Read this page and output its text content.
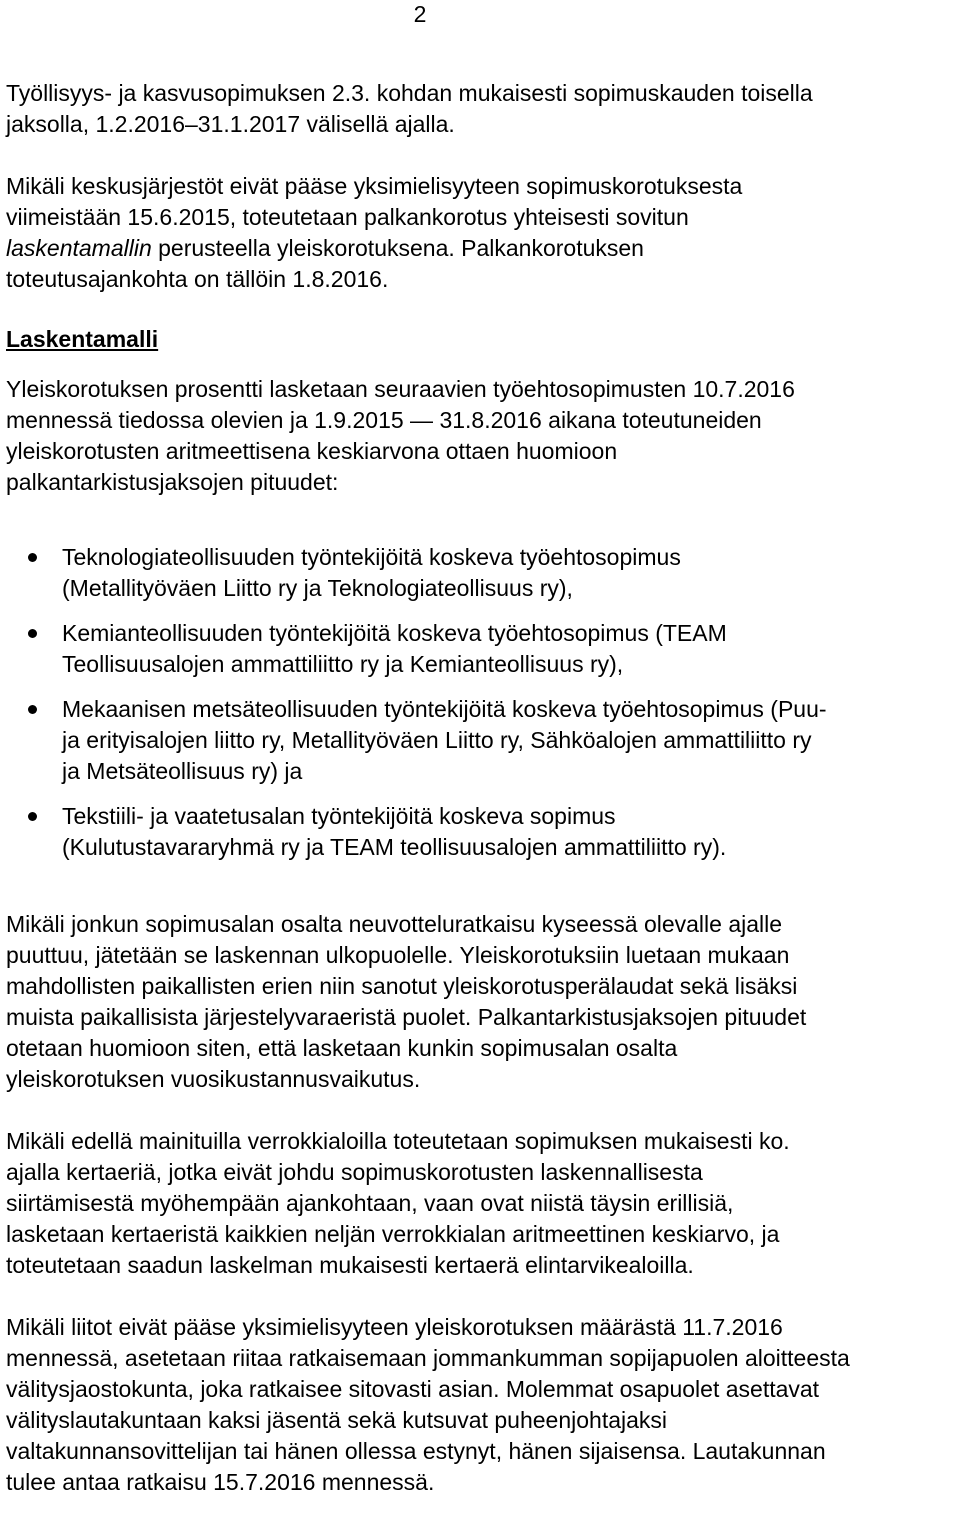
2

Työllisyys- ja kasvusopimuksen 2.3. kohdan mukaisesti sopimuskauden toisella
jaksolla, 1.2.2016–31.1.2017 välisellä ajalla.

Mikäli keskusjärjestöt eivät pääse yksimielisyyteen sopimuskorotuksesta
viimeistään 15.6.2015, toteutetaan palkankorotus yhteisesti sovitun
laskentamallin perusteella yleiskorotuksena. Palkankorotuksen
toteutusajankohta on tällöin 1.8.2016.

Laskentamalli

Yleiskorotuksen prosentti lasketaan seuraavien työehtosopimusten 10.7.2016
mennessä tiedossa olevien ja 1.9.2015 — 31.8.2016 aikana toteutuneiden
yleiskorotusten aritmeettisena keskiarvona ottaen huomioon
palkantarkistusjaksojen pituudet:

Teknologiateollisuuden työntekijöitä koskeva työehtosopimus
(Metallityöväen Liitto ry ja Teknologiateollisuus ry),

Kemianteollisuuden työntekijöitä koskeva työehtosopimus (TEAM
Teollisuusalojen ammattiliitto ry ja Kemianteollisuus ry),

Mekaanisen metsäteollisuuden työntekijöitä koskeva työehtosopimus (Puu-
ja erityisalojen liitto ry, Metallityöväen Liitto ry, Sähköalojen ammattiliitto ry
ja Metsäteollisuus ry) ja

Tekstiili- ja vaatetusalan työntekijöitä koskeva sopimus
(Kulutustavararyhmä ry ja TEAM teollisuusalojen ammattiliitto ry).

Mikäli jonkun sopimusalan osalta neuvotteluratkaisu kyseessä olevalle ajalle
puuttuu, jätetään se laskennan ulkopuolelle. Yleiskorotuksiin luetaan mukaan
mahdollisten paikallisten erien niin sanotut yleiskorotusperälaudat sekä lisäksi
muista paikallisista järjestelyvaraeristä puolet. Palkantarkistusjaksojen pituudet
otetaan huomioon siten, että lasketaan kunkin sopimusalan osalta
yleiskorotuksen vuosikustannusvaikutus.

Mikäli edellä mainituilla verrokkialoilla toteutetaan sopimuksen mukaisesti ko.
ajalla kertaeriä, jotka eivät johdu sopimuskorotusten laskennallisesta
siirtämisestä myöhempään ajankohtaan, vaan ovat niistä täysin erillisiä,
lasketaan kertaeristä kaikkien neljän verrokkialan aritmeettinen keskiarvo, ja
toteutetaan saadun laskelman mukaisesti kertaerä elintarvikealoilla.

Mikäli liitot eivät pääse yksimielisyyteen yleiskorotuksen määrästä 11.7.2016
mennessä, asetetaan riitaa ratkaisemaan jommankumman sopijapuolen aloitteesta
välitysjaostokunta, joka ratkaisee sitovasti asian. Molemmat osapuolet asettavat
välityslautakuntaan kaksi jäsentä sekä kutsuvat puheenjohtajaksi
valtakunnansovittelijan tai hänen ollessa estynyt, hänen sijaisensa. Lautakunnan
tulee antaa ratkaisu 15.7.2016 mennessä.
